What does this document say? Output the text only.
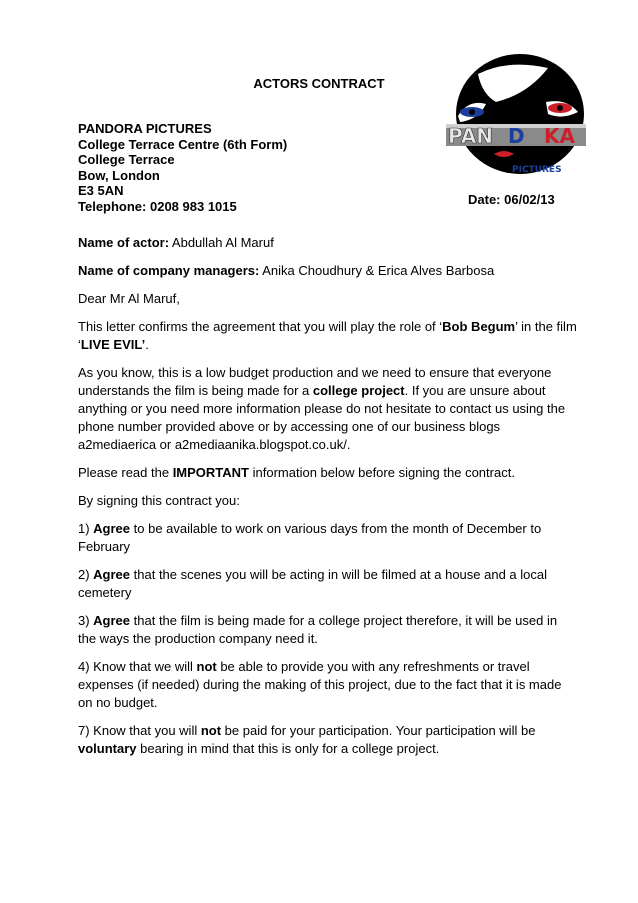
ACTORS CONTRACT
PAN D KA
PICTURES
PANDORA PICTURES
College Terrace Centre (6th Form)
College Terrace
Bow, London
E3 5AN
Telephone: 0208 983 1015	Date: 06/02/13

Name of actor: Abdullah Al Maruf

Name of company managers: Anika Choudhury & Erica Alves Barbosa

Dear Mr Al Maruf,

This letter confirms the agreement that you will play the role of ‘Bob Begum’ in the film ‘LIVE EVIL’.

As you know, this is a low budget production and we need to ensure that everyone understands the film is being made for a college project. If you are unsure about anything or you need more information please do not hesitate to contact us using the phone number provided above or by accessing one of our business blogs a2mediaerica or a2mediaanika.blogspot.co.uk/.

Please read the IMPORTANT information below before signing the contract.

By signing this contract you:

1) Agree to be available to work on various days from the month of December to February

2) Agree that the scenes you will be acting in will be filmed at a house and a local cemetery

3) Agree that the film is being made for a college project therefore, it will be used in the ways the production company need it.

4) Know that we will not be able to provide you with any refreshments or travel expenses (if needed) during the making of this project, due to the fact that it is made on no budget.

7) Know that you will not be paid for your participation. Your participation will be voluntary bearing in mind that this is only for a college project.
